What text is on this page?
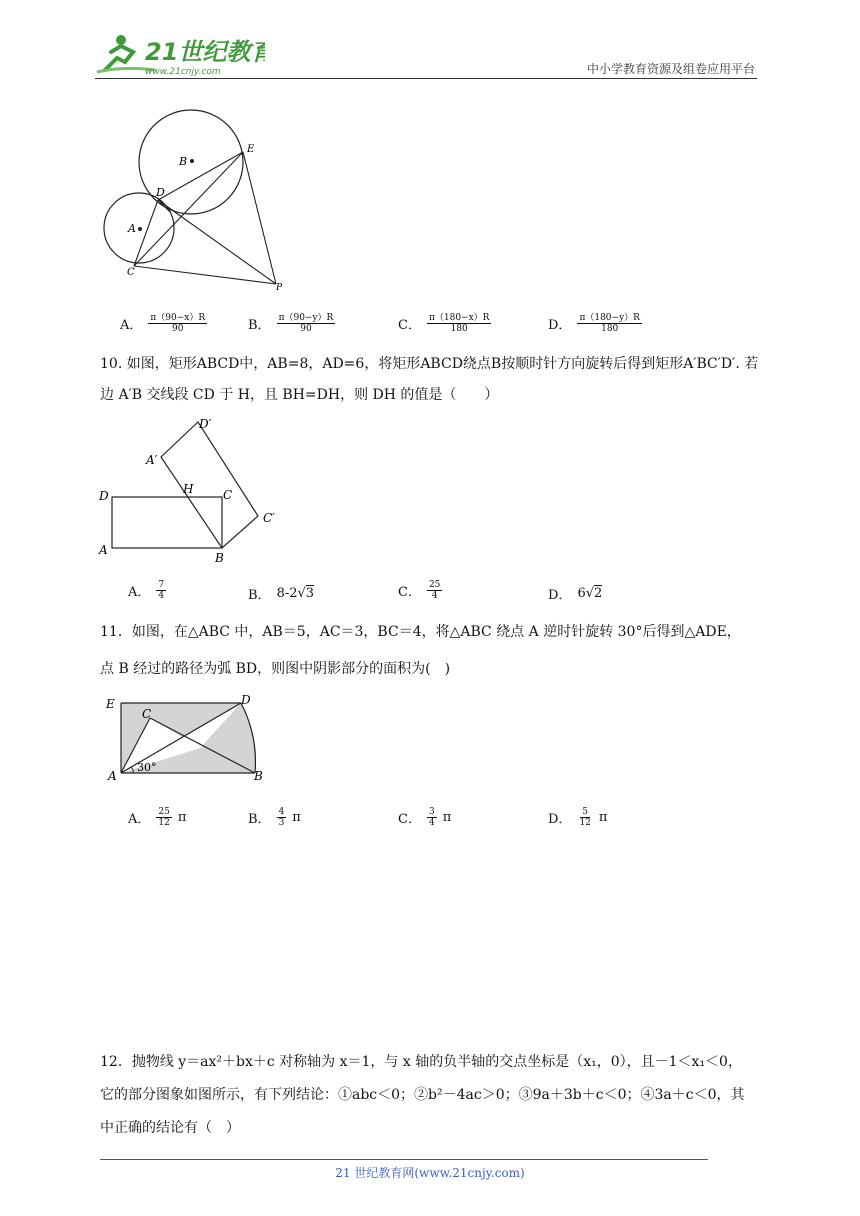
21世纪教育
www.21cnjy.com	中小学教育资源及组卷应用平台
B
A
D
E
C
P
A． $\frac{\pi(90-x)R}{90}$	B． $\frac{\pi(90-y)R}{90}$	C． $\frac{\pi(180-x)R}{180}$	D． $\frac{\pi(180-y)R}{180}$
10. 如图，矩形ABCD中，AB=8，AD=6，将矩形ABCD绕点B按顺时针方向旋转后得到矩形A′BC′D′. 若
边 A′B 交线段 CD 于 H，且 BH=DH，则 DH 的值是（　　）
D′
A′
H C
D
C′
A
B
A． $\frac{7}{4}$	B． 8-2√3	C． $\frac{25}{4}$	D． 6√2
11．如图，在△ABC 中，AB＝5，AC＝3，BC＝4，将△ABC 绕点 A 逆时针旋转 30°后得到△ADE，
点 B 经过的路径为弧 BD，则图中阴影部分的面积为(　)
E	D
C
A	B
30°
A． $\frac{25}{12}$ π	B． $\frac{4}{3}$ π	C． $\frac{3}{4}$ π	D． $\frac{5}{12}$ π
12．抛物线 y＝ax²＋bx＋c 对称轴为 x＝1，与 x 轴的负半轴的交点坐标是（x₁，0），且－1＜x₁＜0，
它的部分图象如图所示，有下列结论：①abc＜0；②b²－4ac＞0；③9a＋3b＋c＜0；④3a＋c＜0，其
中正确的结论有（　）
21 世纪教育网(www.21cnjy.com)
